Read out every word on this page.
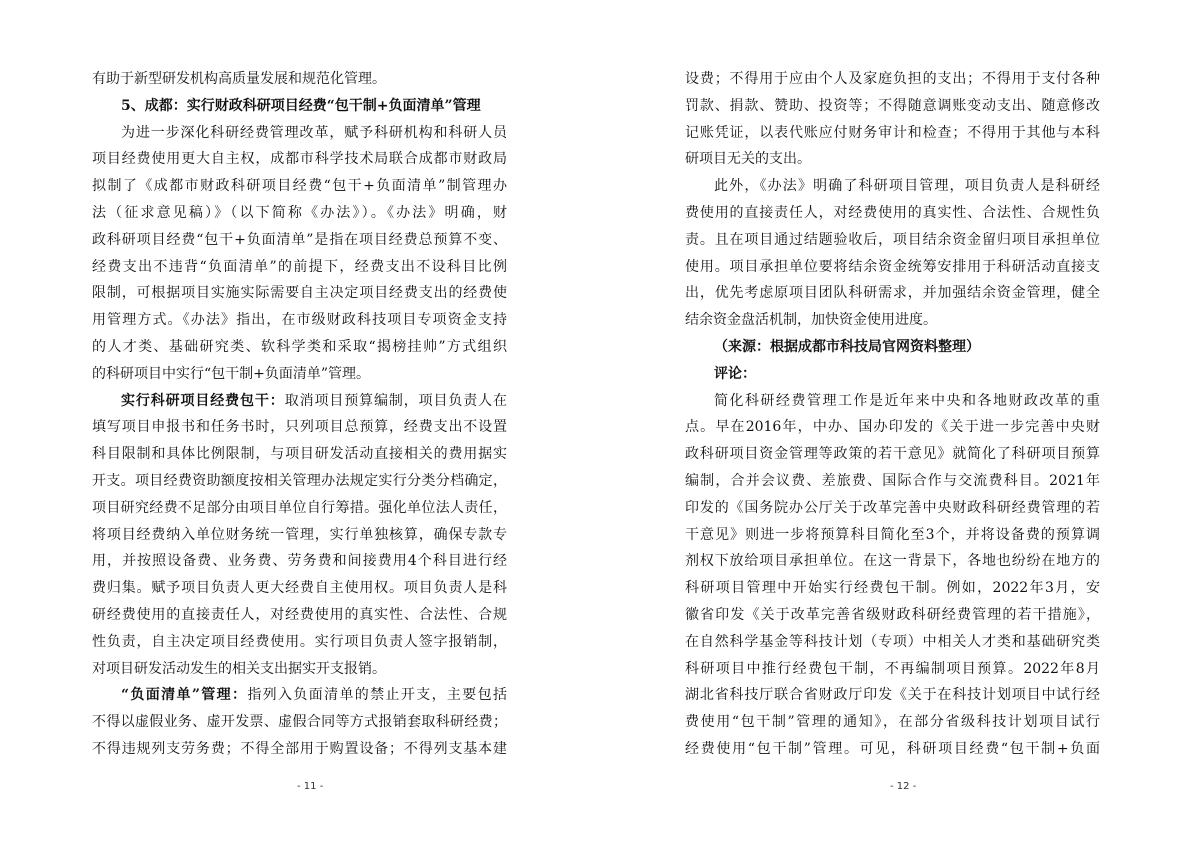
有助于新型研发机构高质量发展和规范化管理。
5、成都：实行财政科研项目经费“包干制+负面清单”管理
为进一步深化科研经费管理改革，赋予科研机构和科研人员
项目经费使用更大自主权，成都市科学技术局联合成都市财政局
拟制了《成都市财政科研项目经费“包干+负面清单”制管理办
法（征求意见稿）》（以下简称《办法》）。《办法》明确，财
政科研项目经费“包干+负面清单”是指在项目经费总预算不变、
经费支出不违背“负面清单”的前提下，经费支出不设科目比例
限制，可根据项目实施实际需要自主决定项目经费支出的经费使
用管理方式。《办法》指出，在市级财政科技项目专项资金支持
的人才类、基础研究类、软科学类和采取“揭榜挂帅”方式组织
的科研项目中实行“包干制+负面清单”管理。
实行科研项目经费包干：取消项目预算编制，项目负责人在
填写项目申报书和任务书时，只列项目总预算，经费支出不设置
科目限制和具体比例限制，与项目研发活动直接相关的费用据实
开支。项目经费资助额度按相关管理办法规定实行分类分档确定，
项目研究经费不足部分由项目单位自行筹措。强化单位法人责任，
将项目经费纳入单位财务统一管理，实行单独核算，确保专款专
用，并按照设备费、业务费、劳务费和间接费用4个科目进行经
费归集。赋予项目负责人更大经费自主使用权。项目负责人是科
研经费使用的直接责任人，对经费使用的真实性、合法性、合规
性负责，自主决定项目经费使用。实行项目负责人签字报销制，
对项目研发活动发生的相关支出据实开支报销。
“负面清单”管理：指列入负面清单的禁止开支，主要包括
不得以虚假业务、虚开发票、虚假合同等方式报销套取科研经费；
不得违规列支劳务费；不得全部用于购置设备；不得列支基本建
设费；不得用于应由个人及家庭负担的支出；不得用于支付各种
罚款、捐款、赞助、投资等；不得随意调账变动支出、随意修改
记账凭证，以表代账应付财务审计和检查；不得用于其他与本科
研项目无关的支出。
此外，《办法》明确了科研项目管理，项目负责人是科研经
费使用的直接责任人，对经费使用的真实性、合法性、合规性负
责。且在项目通过结题验收后，项目结余资金留归项目承担单位
使用。项目承担单位要将结余资金统筹安排用于科研活动直接支
出，优先考虑原项目团队科研需求，并加强结余资金管理，健全
结余资金盘活机制，加快资金使用进度。
（来源：根据成都市科技局官网资料整理）
评论：
简化科研经费管理工作是近年来中央和各地财政改革的重
点。早在2016年，中办、国办印发的《关于进一步完善中央财
政科研项目资金管理等政策的若干意见》就简化了科研项目预算
编制，合并会议费、差旅费、国际合作与交流费科目。2021年
印发的《国务院办公厅关于改革完善中央财政科研经费管理的若
干意见》则进一步将预算科目简化至3个，并将设备费的预算调
剂权下放给项目承担单位。在这一背景下，各地也纷纷在地方的
科研项目管理中开始实行经费包干制。例如，2022年3月，安
徽省印发《关于改革完善省级财政科研经费管理的若干措施》，
在自然科学基金等科技计划（专项）中相关人才类和基础研究类
科研项目中推行经费包干制，不再编制项目预算。2022年8月
湖北省科技厅联合省财政厅印发《关于在科技计划项目中试行经
费使用“包干制”管理的通知》，在部分省级科技计划项目试行
经费使用“包干制”管理。可见，科研项目经费“包干制+负面
- 11 -	- 12 -
